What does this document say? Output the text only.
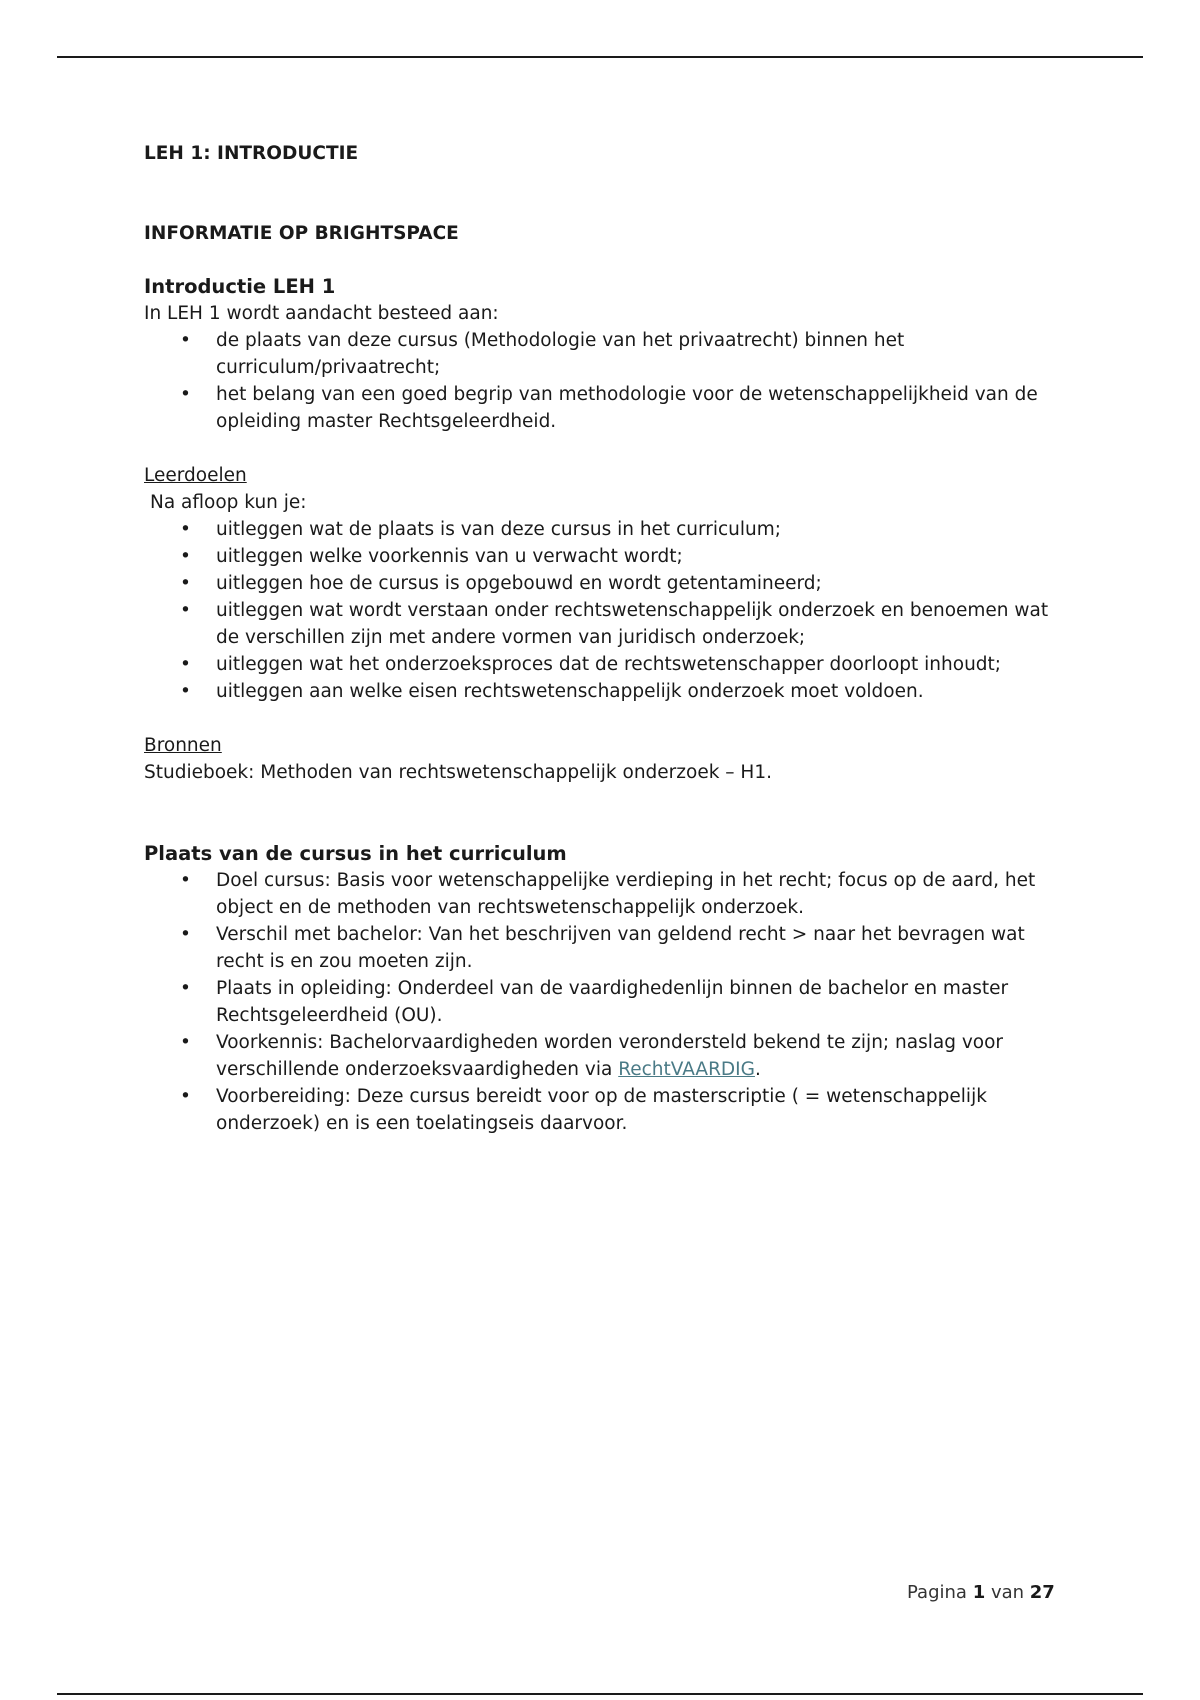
LEH 1: INTRODUCTIE
INFORMATIE OP BRIGHTSPACE
Introductie LEH 1

In LEH 1 wordt aandacht besteed aan:

• de plaats van deze cursus (Methodologie van het privaatrecht) binnen het curriculum/privaatrecht;
• het belang van een goed begrip van methodologie voor de wetenschappelijkheid van de opleiding master Rechtsgeleerdheid.

Leerdoelen

Na afloop kun je:

• uitleggen wat de plaats is van deze cursus in het curriculum;
• uitleggen welke voorkennis van u verwacht wordt;
• uitleggen hoe de cursus is opgebouwd en wordt getentamineerd;
• uitleggen wat wordt verstaan onder rechtswetenschappelijk onderzoek en benoemen wat de verschillen zijn met andere vormen van juridisch onderzoek;
• uitleggen wat het onderzoeksproces dat de rechtswetenschapper doorloopt inhoudt;
• uitleggen aan welke eisen rechtswetenschappelijk onderzoek moet voldoen.

Bronnen

Studieboek: Methoden van rechtswetenschappelijk onderzoek – H1.

Plaats van de cursus in het curriculum
• Doel cursus: Basis voor wetenschappelijke verdieping in het recht; focus op de aard, het object en de methoden van rechtswetenschappelijk onderzoek.
• Verschil met bachelor: Van het beschrijven van geldend recht > naar het bevragen wat recht is en zou moeten zijn.
• Plaats in opleiding: Onderdeel van de vaardighedenlijn binnen de bachelor en master Rechtsgeleerdheid (OU).
• Voorkennis: Bachelorvaardigheden worden verondersteld bekend te zijn; naslag voor verschillende onderzoeksvaardigheden via RechtVAARDIG.
• Voorbereiding: Deze cursus bereidt voor op de masterscriptie ( = wetenschappelijk onderzoek) en is een toelatingseis daarvoor.
Pagina 1 van 27
